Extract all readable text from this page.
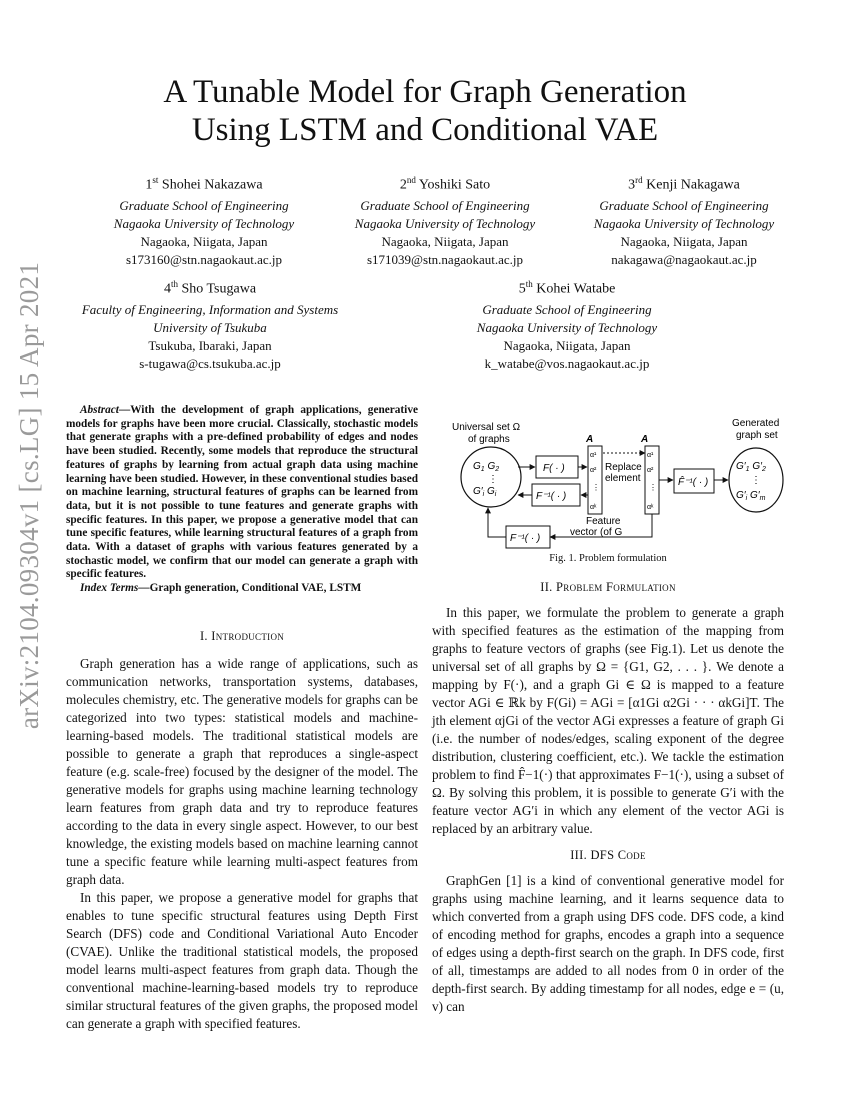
arXiv:2104.09304v1 [cs.LG] 15 Apr 2021
A Tunable Model for Graph Generation
Using LSTM and Conditional VAE
1st Shohei Nakazawa
Graduate School of Engineering
Nagaoka University of Technology
Nagaoka, Niigata, Japan
s173160@stn.nagaokaut.ac.jp
2nd Yoshiki Sato
Graduate School of Engineering
Nagaoka University of Technology
Nagaoka, Niigata, Japan
s171039@stn.nagaokaut.ac.jp
3rd Kenji Nakagawa
Graduate School of Engineering
Nagaoka University of Technology
Nagaoka, Niigata, Japan
nakagawa@nagaokaut.ac.jp
4th Sho Tsugawa
Faculty of Engineering, Information and Systems
University of Tsukuba
Tsukuba, Ibaraki, Japan
s-tugawa@cs.tsukuba.ac.jp
5th Kohei Watabe
Graduate School of Engineering
Nagaoka University of Technology
Nagaoka, Niigata, Japan
k_watabe@vos.nagaokaut.ac.jp

Abstract—With the development of graph applications, generative models for graphs have been more crucial. Classically, stochastic models that generate graphs with a pre-defined probability of edges and nodes have been studied. Recently, some models that reproduce the structural features of graphs by learning from actual graph data using machine learning have been studied. However, in these conventional studies based on machine learning, structural features of graphs can be learned from data, but it is not possible to tune features and generate graphs with specific features. In this paper, we propose a generative model that can tune specific features, while learning structural features of a graph from data. With a dataset of graphs with various features generated by a stochastic model, we confirm that our model can generate a graph with specific features.

Index Terms—Graph generation, Conditional VAE, LSTM

I. Introduction

Graph generation has a wide range of applications, such as communication networks, transportation systems, databases, molecules chemistry, etc. The generative models for graphs can be categorized into two types: statistical models and machine-learning-based models. The traditional statistical models are possible to generate a graph that reproduces a single-aspect feature (e.g. scale-free) focused by the designer of the model. The generative models for graphs using machine learning technology learn features from graph data and try to reproduce features according to the data in every single aspect. However, to our best knowledge, the existing models based on machine learning cannot tune a specific feature while learning multi-aspect features from graph data.

In this paper, we propose a generative model for graphs that enables to tune specific structural features using Depth First Search (DFS) code and Conditional Variational Auto Encoder (CVAE). Unlike the traditional statistical models, the proposed model learns multi-aspect features from graph data. Though the conventional machine-learning-based models try to reproduce similar structural features of the given graphs, the proposed model can generate a graph with specified features.

Universal set Ω
of graphs
$G_1$ $G_2$
⋮
$G'_i$ $G_i$
F( · )
F⁻¹( · )
A
α¹
α²
⋮
αᵏ
Replace
element
Feature
vector (of G
A
α¹
α²
⋮
αᵏ
F̂⁻¹( · )
Generated
graph set
$G'_1$ $G'_2$
⋮
$G'_i$ $G'_m$
F⁻¹( · )
Fig. 1. Problem formulation

II. Problem Formulation

In this paper, we formulate the problem to generate a graph with specified features as the estimation of the mapping from graphs to feature vectors of graphs (see Fig.1). Let us denote the universal set of all graphs by Ω = {G1, G2, . . . }. We denote a mapping by F(·), and a graph Gi ∈ Ω is mapped to a feature vector AGi ∈ ℝk by F(Gi) = AGi = [α1Gi α2Gi · · · αkGi]T. The jth element αjGi of the vector AGi expresses a feature of graph Gi (i.e. the number of nodes/edges, scaling exponent of the degree distribution, clustering coefficient, etc.). We tackle the estimation problem to find F̂−1(·) that approximates F−1(·), using a subset of Ω. By solving this problem, it is possible to generate G′i with the feature vector AG′i in which any element of the vector AGi is replaced by an arbitrary value.

III. DFS Code

GraphGen [1] is a kind of conventional generative model for graphs using machine learning, and it learns sequence data to which converted from a graph using DFS code. DFS code, a kind of encoding method for graphs, encodes a graph into a sequence of edges using a depth-first search on the graph. In DFS code, first of all, timestamps are added to all nodes from 0 in order of the depth-first search. By adding timestamp for all nodes, edge e = (u, v) can
